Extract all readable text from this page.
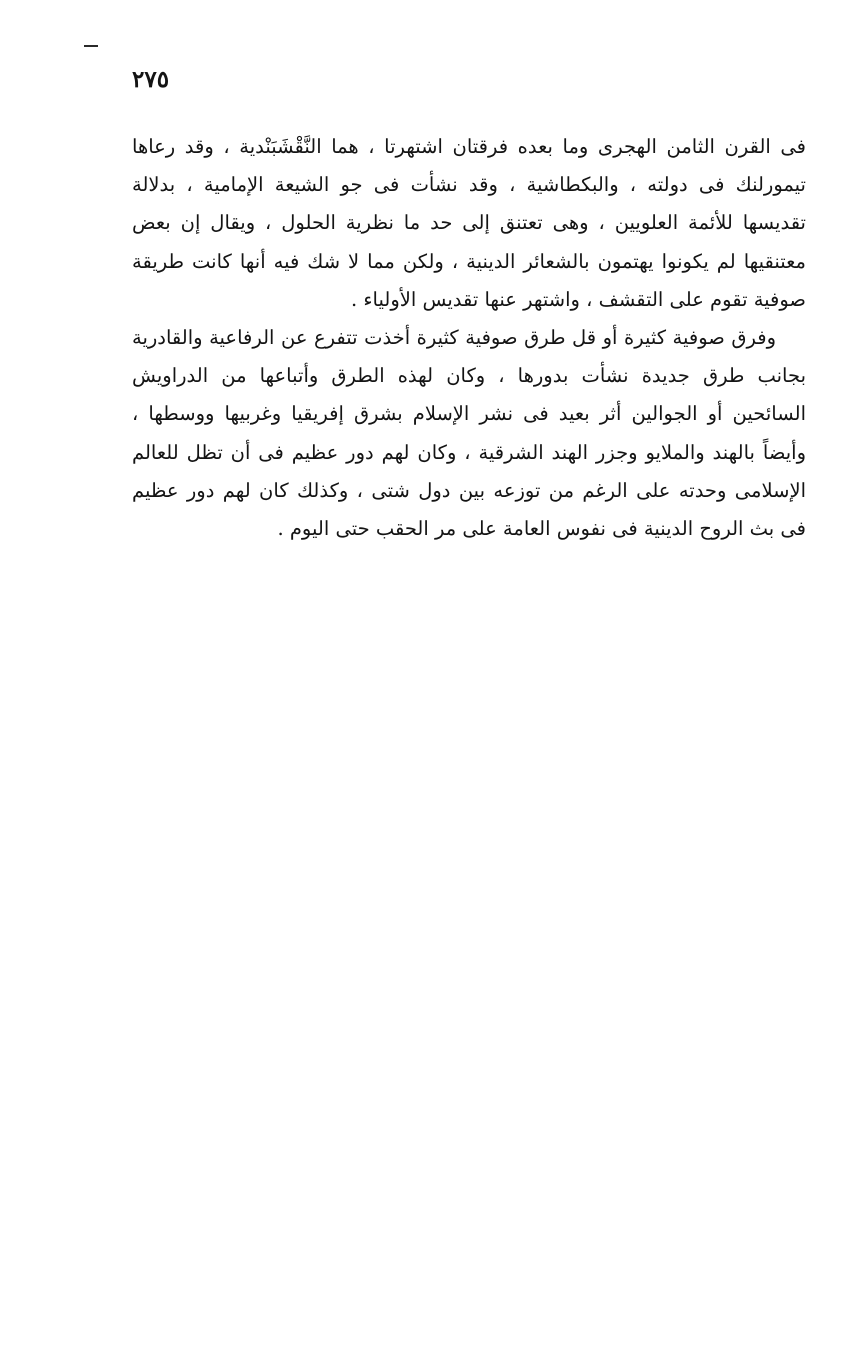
٢٧٥

فى القرن الثامن الهجرى وما بعده فرقتان اشتهرتا ، هما النَّقْشَبَنْدية ، وقد رعاها تيمورلنك فى دولته ، والبكطاشية ، وقد نشأت فى جو الشيعة الإمامية ، بدلالة تقديسها للأئمة العلويين ، وهى تعتنق إلى حد ما نظرية الحلول ، ويقال إن بعض معتنقيها لم يكونوا يهتمون بالشعائر الدينية ، ولكن مما لا شك فيه أنها كانت طريقة صوفية تقوم على التقشف ، واشتهر عنها تقديس الأولياء .

وفرق صوفية كثيرة أو قل طرق صوفية كثيرة أخذت تتفرع عن الرفاعية والقادرية بجانب طرق جديدة نشأت بدورها ، وكان لهذه الطرق وأتباعها من الدراويش السائحين أو الجوالين أثر بعيد فى نشر الإسلام بشرق إفريقيا وغربيها ووسطها ، وأيضاً بالهند والملايو وجزر الهند الشرقية ، وكان لهم دور عظيم فى أن تظل للعالم الإسلامى وحدته على الرغم من توزعه بين دول شتى ، وكذلك كان لهم دور عظيم فى بث الروح الدينية فى نفوس العامة على مر الحقب حتى اليوم .
